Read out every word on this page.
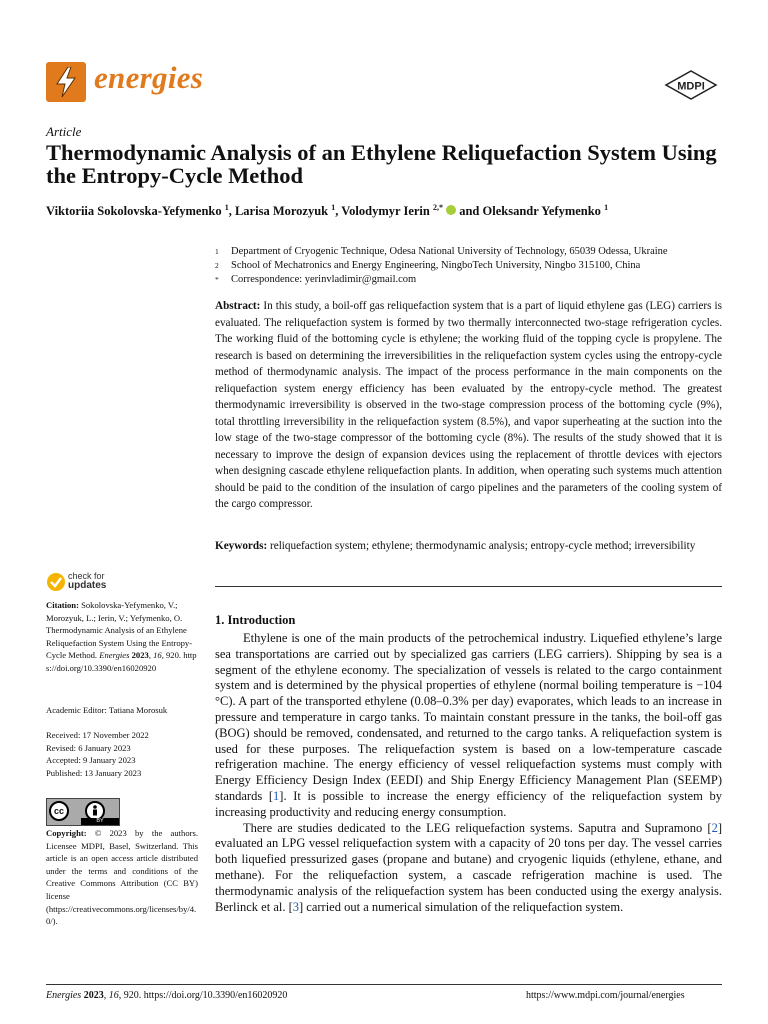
energies	MDPI
Article
Thermodynamic Analysis of an Ethylene Reliquefaction System Using the Entropy-Cycle Method
Viktoriia Sokolovska-Yefymenko $^1$, Larisa Morozyuk $^1$, Volodymyr Ierin $^{2,*}$ and Oleksandr Yefymenko $^1$
1	Department of Cryogenic Technique, Odesa National University of Technology, 65039 Odessa, Ukraine
2	School of Mechatronics and Energy Engineering, NingboTech University, Ningbo 315100, China
*	Correspondence: yerinvladimir@gmail.com
Abstract: In this study, a boil-off gas reliquefaction system that is a part of liquid ethylene gas (LEG) carriers is evaluated. The reliquefaction system is formed by two thermally interconnected two-stage refrigeration cycles. The working fluid of the bottoming cycle is ethylene; the working fluid of the topping cycle is propylene. The research is based on determining the irreversibilities in the reliquefaction system cycles using the entropy-cycle method of thermodynamic analysis. The impact of the process performance in the main components on the reliquefaction system energy efficiency has been evaluated by the entropy-cycle method. The greatest thermodynamic irreversibility is observed in the two-stage compression process of the bottoming cycle (9%), total throttling irreversibility in the reliquefaction system (8.5%), and vapor superheating at the suction into the low stage of the two-stage compressor of the bottoming cycle (8%). The results of the study showed that it is necessary to improve the design of expansion devices using the replacement of throttle devices with ejectors when designing cascade ethylene reliquefaction plants. In addition, when operating such systems much attention should be paid to the condition of the insulation of cargo pipelines and the parameters of the cooling system of the cargo compressor.
Keywords: reliquefaction system; ethylene; thermodynamic analysis; entropy-cycle method; irreversibility
check for
updates
Citation: Sokolovska-Yefymenko, V.; Morozyuk, L.; Ierin, V.; Yefymenko, O. Thermodynamic Analysis of an Ethylene Reliquefaction System Using the Entropy-Cycle Method. Energies 2023, 16, 920. https://doi.org/10.3390/en16020920
Academic Editor: Tatiana Morosuk
Received: 17 November 2022
Revised: 6 January 2023
Accepted: 9 January 2023
Published: 13 January 2023
cc
BY
Copyright: © 2023 by the authors. Licensee MDPI, Basel, Switzerland. This article is an open access article distributed under the terms and conditions of the Creative Commons Attribution (CC BY) license (https://creativecommons.org/licenses/by/4.0/).
1. Introduction

Ethylene is one of the main products of the petrochemical industry. Liquefied ethylene’s large sea transportations are carried out by specialized gas carriers (LEG carriers). Shipping by sea is a segment of the ethylene economy. The specialization of vessels is related to the cargo containment system and is determined by the physical properties of ethylene (normal boiling temperature is −104 °C). A part of the transported ethylene (0.08–0.3% per day) evaporates, which leads to an increase in pressure and temperature in cargo tanks. To maintain constant pressure in the tanks, the boil-off gas (BOG) should be removed, condensated, and returned to the cargo tanks. A reliquefaction system is used for these purposes. The reliquefaction system is based on a low-temperature cascade refrigeration machine. The energy efficiency of vessel reliquefaction systems must comply with Energy Efficiency Design Index (EEDI) and Ship Energy Efficiency Management Plan (SEEMP) standards [1]. It is possible to increase the energy efficiency of the reliquefaction system by increasing productivity and reducing energy consumption.

There are studies dedicated to the LEG reliquefaction systems. Saputra and Supramono [2] evaluated an LPG vessel reliquefaction system with a capacity of 20 tons per day. The vessel carries both liquefied pressurized gases (propane and butane) and cryogenic liquids (ethylene, ethane, and methane). For the reliquefaction system, a cascade refrigeration machine is used. The thermodynamic analysis of the reliquefaction system has been conducted using the exergy analysis. Berlinck et al. [3] carried out a numerical simulation of the reliquefaction system.

Energies 2023, 16, 920. https://doi.org/10.3390/en16020920	https://www.mdpi.com/journal/energies
